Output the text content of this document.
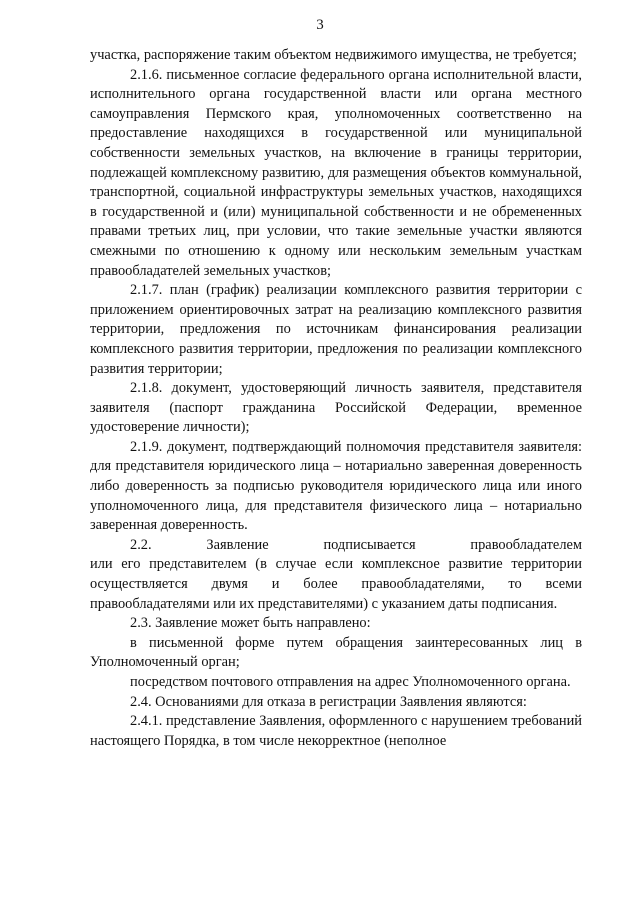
3

участка, распоряжение таким объектом недвижимого имущества, не требуется;

2.1.6. письменное согласие федерального органа исполнительной власти, исполнительного органа государственной власти или органа местного самоуправления Пермского края, уполномоченных соответственно на предоставление находящихся в государственной или муниципальной собственности земельных участков, на включение в границы территории, подлежащей комплексному развитию, для размещения объектов коммунальной, транспортной, социальной инфраструктуры земельных участков, находящихся в государственной и (или) муниципальной собственности и не обремененных правами третьих лиц, при условии, что такие земельные участки являются смежными по отношению к одному или нескольким земельным участкам правообладателей земельных участков;

2.1.7. план (график) реализации комплексного развития территории с приложением ориентировочных затрат на реализацию комплексного развития территории, предложения по источникам финансирования реализации комплексного развития территории, предложения по реализации комплексного развития территории;

2.1.8. документ, удостоверяющий личность заявителя, представителя заявителя (паспорт гражданина Российской Федерации, временное удостоверение личности);

2.1.9. документ, подтверждающий полномочия представителя заявителя: для представителя юридического лица – нотариально заверенная доверенность либо доверенность за подписью руководителя юридического лица или иного уполномоченного лица, для представителя физического лица – нотариально заверенная доверенность.

2.2. Заявление подписывается правообладателем

или его представителем (в случае если комплексное развитие территории осуществляется двумя и более правообладателями, то всеми правообладателями или их представителями) с указанием даты подписания.

2.3. Заявление может быть направлено:

в письменной форме путем обращения заинтересованных лиц в Уполномоченный орган;

посредством почтового отправления на адрес Уполномоченного органа.

2.4. Основаниями для отказа в регистрации Заявления являются:

2.4.1. представление Заявления, оформленного с нарушением требований настоящего Порядка, в том числе некорректное (неполное
